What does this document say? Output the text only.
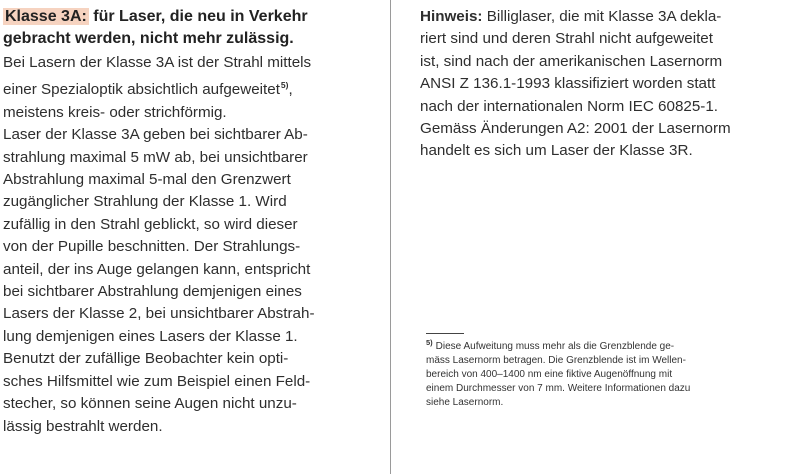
Klasse 3A: für Laser, die neu in Verkehr
gebracht werden, nicht mehr zulässig.

Bei Lasern der Klasse 3A ist der Strahl mittels
einer Spezialoptik absichtlich aufgeweitet$^{5)}$,
meistens kreis- oder strichförmig.

Laser der Klasse 3A geben bei sichtbarer Ab-
strahlung maximal 5 mW ab, bei unsichtbarer
Abstrahlung maximal 5-mal den Grenzwert
zugänglicher Strahlung der Klasse 1. Wird
zufällig in den Strahl geblickt, so wird dieser
von der Pupille beschnitten. Der Strahlungs-
anteil, der ins Auge gelangen kann, entspricht
bei sichtbarer Abstrahlung demjenigen eines
Lasers der Klasse 2, bei unsichtbarer Abstrah-
lung demjenigen eines Lasers der Klasse 1.
Benutzt der zufällige Beobachter kein opti-
sches Hilfsmittel wie zum Beispiel einen Feld-
stecher, so können seine Augen nicht unzu-
lässig bestrahlt werden.

Hinweis: Billiglaser, die mit Klasse 3A dekla-
riert sind und deren Strahl nicht aufgeweitet
ist, sind nach der amerikanischen Lasernorm
ANSI Z 136.1-1993 klassifiziert worden statt
nach der internationalen Norm IEC 60825-1.
Gemäss Änderungen A2: 2001 der Lasernorm
handelt es sich um Laser der Klasse 3R.

$^{5)}$ Diese Aufweitung muss mehr als die Grenzblende ge-
mäss Lasernorm betragen. Die Grenzblende ist im Wellen-
bereich von 400–1400 nm eine fiktive Augenöffnung mit
einem Durchmesser von 7 mm. Weitere Informationen dazu
siehe Lasernorm.
